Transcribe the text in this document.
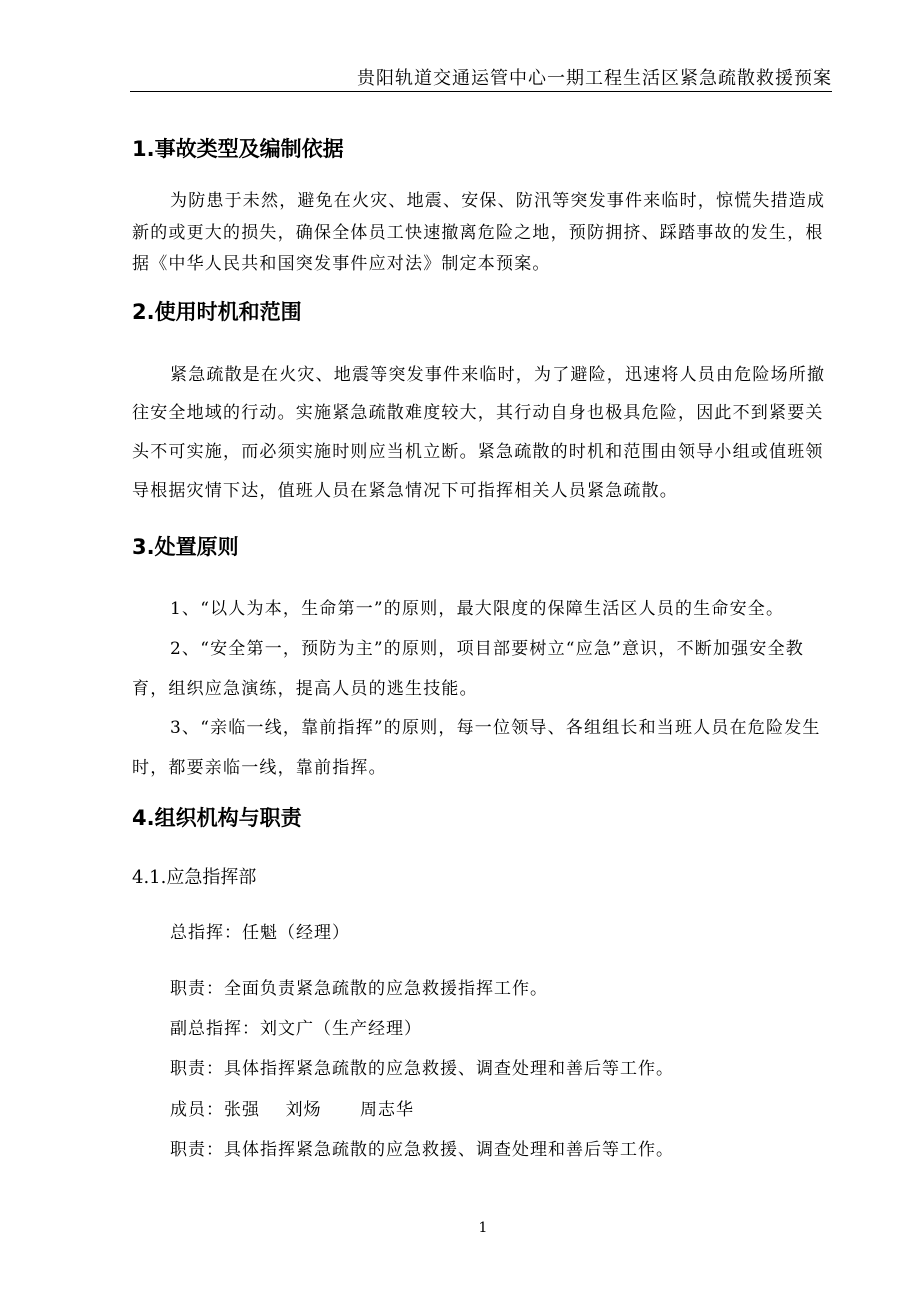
贵阳轨道交通运管中心一期工程生活区紧急疏散救援预案
1.事故类型及编制依据
为防患于未然，避免在火灾、地震、安保、防汛等突发事件来临时，惊慌失措造成
新的或更大的损失，确保全体员工快速撤离危险之地，预防拥挤、踩踏事故的发生，根
据《中华人民共和国突发事件应对法》制定本预案。
2.使用时机和范围
紧急疏散是在火灾、地震等突发事件来临时，为了避险，迅速将人员由危险场所撤
往安全地域的行动。实施紧急疏散难度较大，其行动自身也极具危险，因此不到紧要关
头不可实施，而必须实施时则应当机立断。紧急疏散的时机和范围由领导小组或值班领
导根据灾情下达，值班人员在紧急情况下可指挥相关人员紧急疏散。
3.处置原则
1、“以人为本，生命第一”的原则，最大限度的保障生活区人员的生命安全。
2、“安全第一，预防为主”的原则，项目部要树立“应急”意识，不断加强安全教
育，组织应急演练，提高人员的逃生技能。
3、“亲临一线，靠前指挥”的原则，每一位领导、各组组长和当班人员在危险发生
时，都要亲临一线，靠前指挥。
4.组织机构与职责
4.1.应急指挥部
总指挥：任魁（经理）
职责：全面负责紧急疏散的应急救援指挥工作。
副总指挥：刘文广（生产经理）
职责：具体指挥紧急疏散的应急救援、调查处理和善后等工作。
成员：张强    刘炀      周志华
职责：具体指挥紧急疏散的应急救援、调查处理和善后等工作。
1
